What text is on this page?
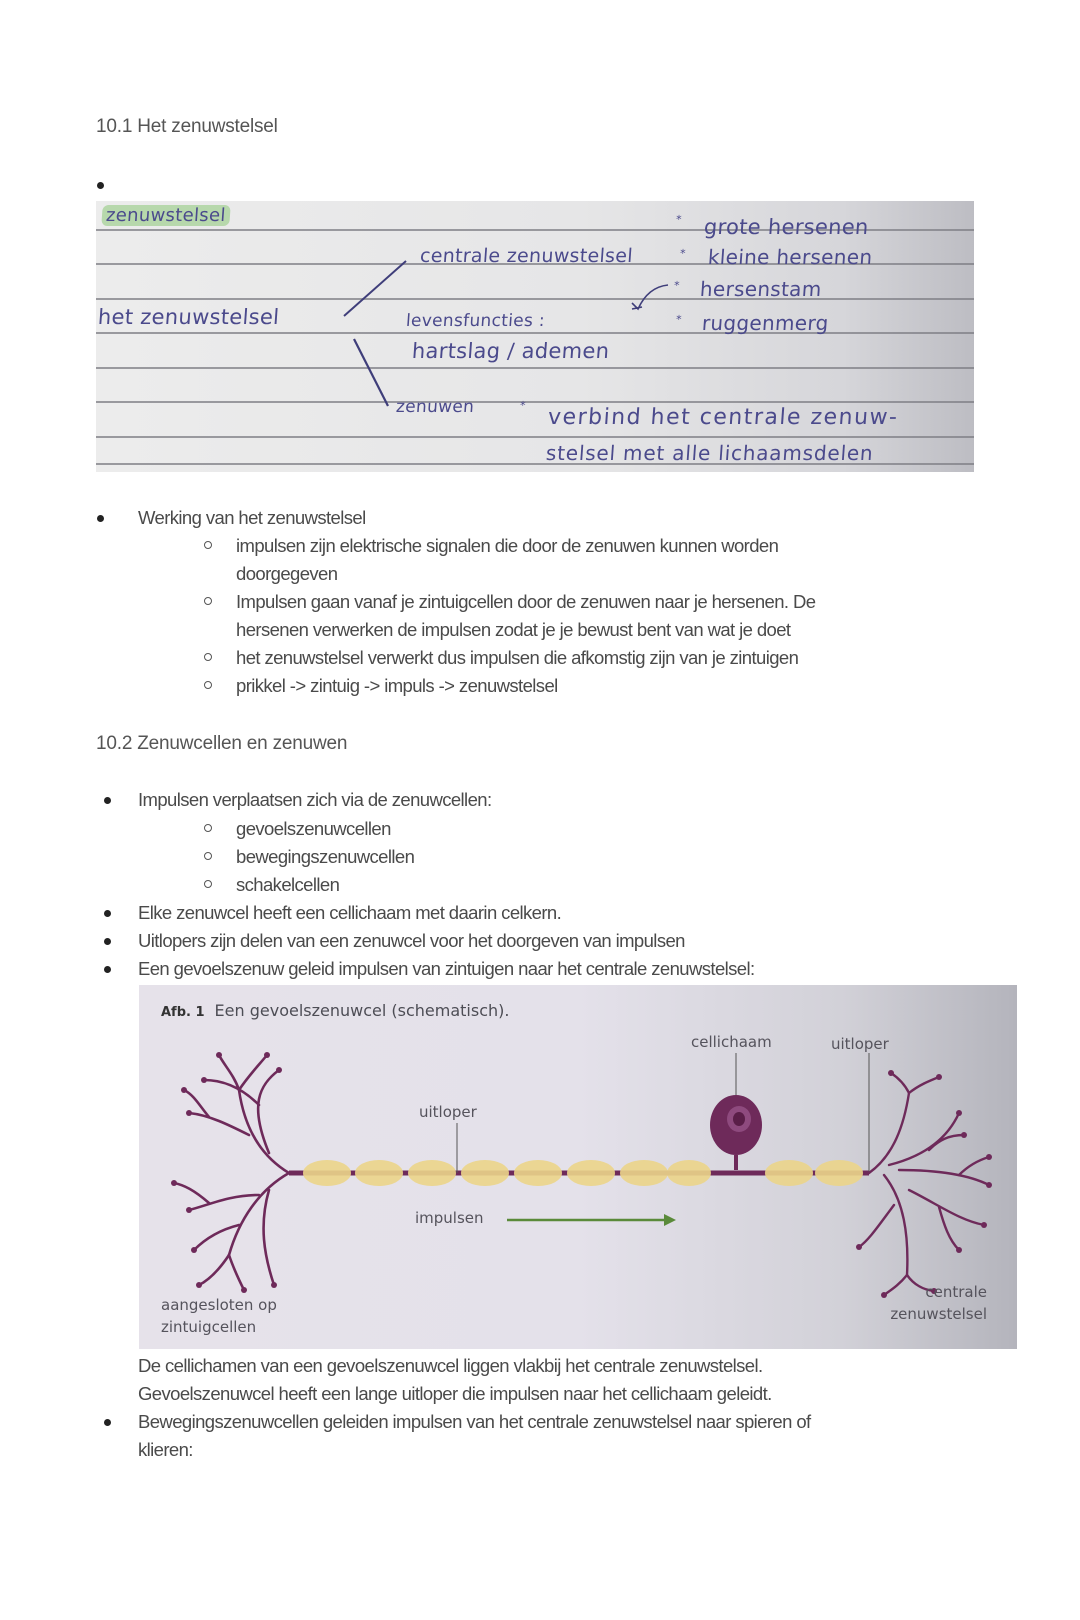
10.1 Het zenuwstelsel
zenuwstelsel
het zenuwstelsel
centrale zenuwstelsel
* grote hersenen
* kleine hersenen
* hersenstam
* ruggenmerg
levensfuncties :
hartslag / ademen
zenuwen	* verbind het centrale zenuw-
stelsel met alle lichaamsdelen
Werking van het zenuwstelsel
impulsen zijn elektrische signalen die door de zenuwen kunnen worden
doorgegeven
Impulsen gaan vanaf je zintuigcellen door de zenuwen naar je hersenen. De
hersenen verwerken de impulsen zodat je je bewust bent van wat je doet
het zenuwstelsel verwerkt dus impulsen die afkomstig zijn van je zintuigen
prikkel -> zintuig -> impuls -> zenuwstelsel
10.2 Zenuwcellen en zenuwen
Impulsen verplaatsen zich via de zenuwcellen:
gevoelszenuwcellen
bewegingszenuwcellen
schakelcellen
Elke zenuwcel heeft een cellichaam met daarin celkern.
Uitlopers zijn delen van een zenuwcel voor het doorgeven van impulsen
Een gevoelszenuw geleid impulsen van zintuigen naar het centrale zenuwstelsel:
Afb. 1 Een gevoelszenuwcel (schematisch).
uitloper
cellichaam	uitloper
impulsen
aangesloten op
zintuigcellen
centrale
zenuwstelsel
De cellichamen van een gevoelszenuwcel liggen vlakbij het centrale zenuwstelsel.
Gevoelszenuwcel heeft een lange uitloper die impulsen naar het cellichaam geleidt.
Bewegingszenuwcellen geleiden impulsen van het centrale zenuwstelsel naar spieren of
klieren:
